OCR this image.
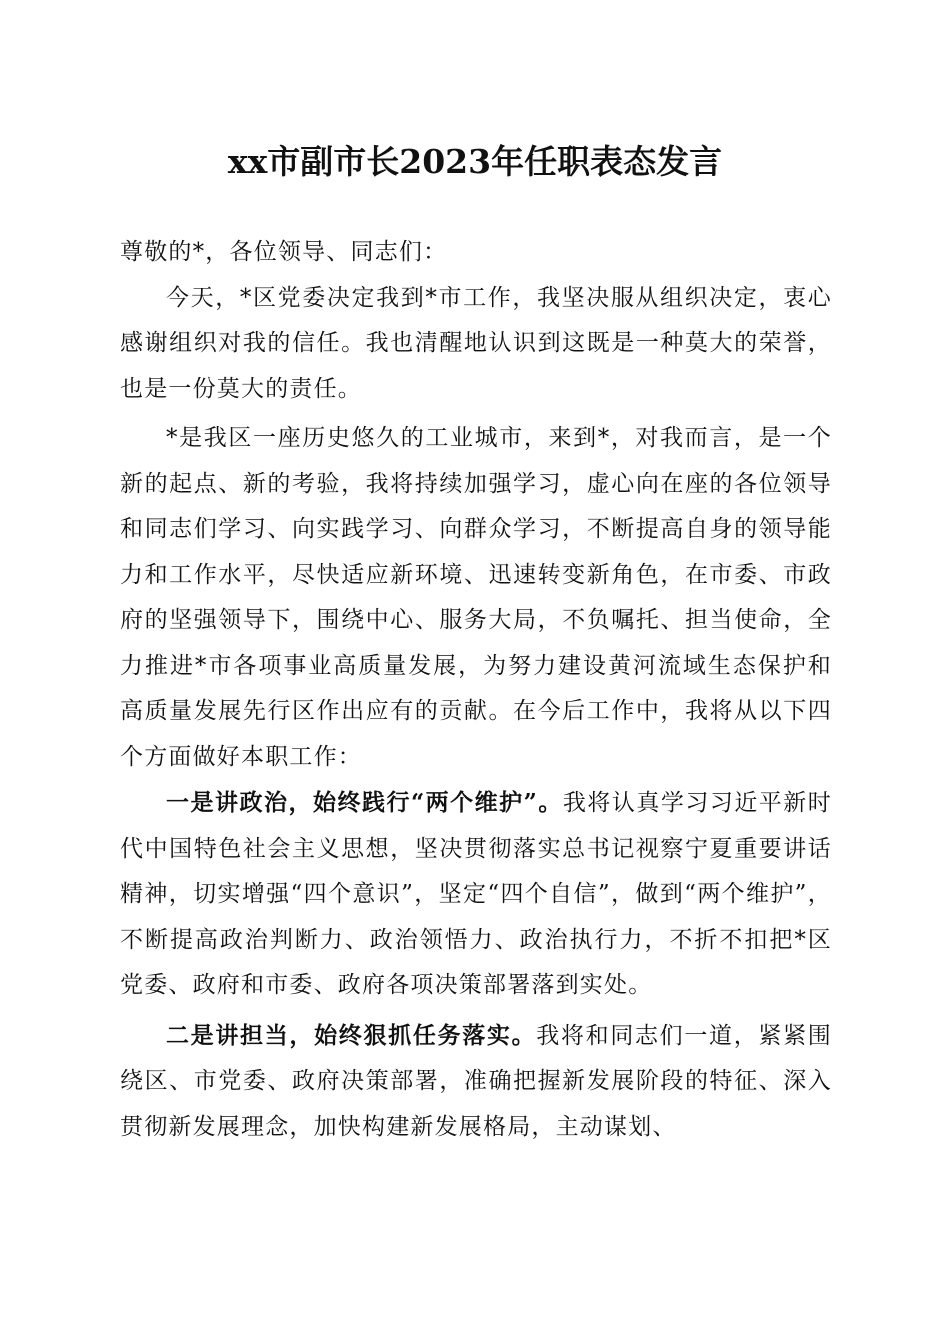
xx市副市长2023年任职表态发言

尊敬的*，各位领导、同志们：

今天，*区党委决定我到*市工作，我坚决服从组织决定，衷心感谢组织对我的信任。我也清醒地认识到这既是一种莫大的荣誉，也是一份莫大的责任。

*是我区一座历史悠久的工业城市，来到*，对我而言，是一个新的起点、新的考验，我将持续加强学习，虚心向在座的各位领导和同志们学习、向实践学习、向群众学习，不断提高自身的领导能力和工作水平，尽快适应新环境、迅速转变新角色，在市委、市政府的坚强领导下，围绕中心、服务大局，不负嘱托、担当使命，全力推进*市各项事业高质量发展，为努力建设黄河流域生态保护和高质量发展先行区作出应有的贡献。在今后工作中，我将从以下四个方面做好本职工作：

一是讲政治，始终践行“两个维护”。我将认真学习习近平新时代中国特色社会主义思想，坚决贯彻落实总书记视察宁夏重要讲话精神，切实增强“四个意识”，坚定“四个自信”，做到“两个维护”，不断提高政治判断力、政治领悟力、政治执行力，不折不扣把*区党委、政府和市委、政府各项决策部署落到实处。

二是讲担当，始终狠抓任务落实。我将和同志们一道，紧紧围绕区、市党委、政府决策部署，准确把握新发展阶段的特征、深入贯彻新发展理念，加快构建新发展格局，主动谋划、
